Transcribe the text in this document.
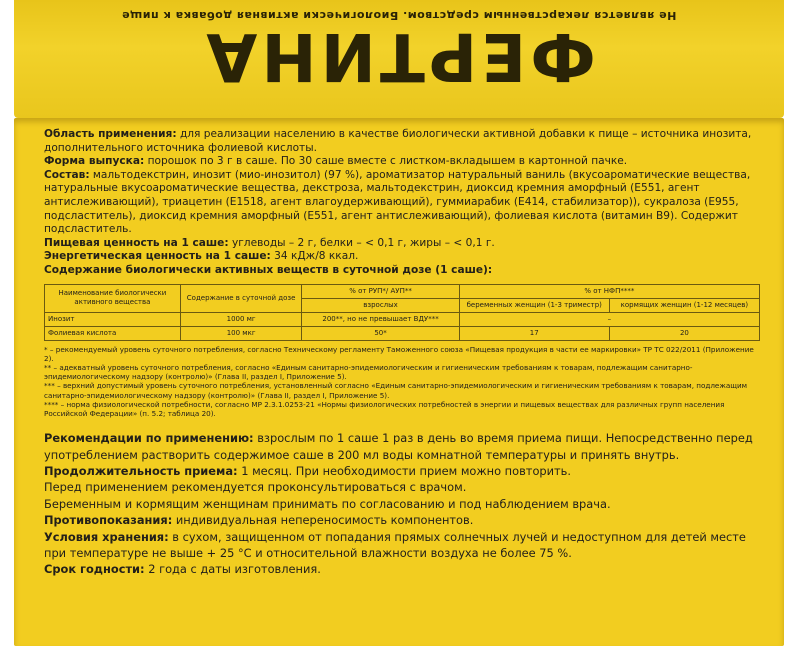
ФЕРТИНА
Не является лекарственным средством. Биологически активная добавка к пище

Область применения: для реализации населению в качестве биологически активной добавки к пище – источника инозита, дополнительного источника фолиевой кислоты.

Форма выпуска: порошок по 3 г в саше. По 30 саше вместе с листком-вкладышем в картонной пачке.

Состав: мальтодекстрин, инозит (мио-инозитол) (97 %), ароматизатор натуральный ваниль (вкусоароматические вещества, натуральные вкусоароматические вещества, декстроза, мальтодекстрин, диоксид кремния аморфный (Е551, агент антислеживающий), триацетин (Е1518, агент влагоудерживающий), гуммиарабик (Е414, стабилизатор)), сукралоза (Е955, подсластитель), диоксид кремния аморфный (Е551, агент антислеживающий), фолиевая кислота (витамин В9). Содержит подсластитель.

Пищевая ценность на 1 саше: углеводы – 2 г, белки – < 0,1 г, жиры – < 0,1 г.

Энергетическая ценность на 1 саше: 34 кДж/8 ккал.

Содержание биологически активных веществ в суточной дозе (1 саше):

Наименование биологически активного вещества	Содержание в суточной дозе	% от РУП*/ АУП**	% от НФП****	
		взрослых	беременных женщин (1-3 триместр)	кормящих женщин (1-12 месяцев)
Инозит	1000 мг	200**, но не превышает ВДУ***	–	
Фолиевая кислота	100 мкг	50*	17	20

* – рекомендуемый уровень суточного потребления, согласно Техническому регламенту Таможенного союза «Пищевая продукция в части ее маркировки» ТР ТС 022/2011 (Приложение 2).

** – адекватный уровень суточного потребления, согласно «Единым санитарно-эпидемиологическим и гигиеническим требованиям к товарам, подлежащим санитарно-эпидемиологическому надзору (контролю)» (Глава II, раздел I, Приложение 5).

*** – верхний допустимый уровень суточного потребления, установленный согласно «Единым санитарно-эпидемиологическим и гигиеническим требованиям к товарам, подлежащим санитарно-эпидемиологическому надзору (контролю)» (Глава II, раздел I, Приложение 5).

**** – норма физиологической потребности, согласно МР 2.3.1.0253-21 «Нормы физиологических потребностей в энергии и пищевых веществах для различных групп населения Российской Федерации» (п. 5.2; таблица 20).

Рекомендации по применению: взрослым по 1 саше 1 раз в день во время приема пищи. Непосредственно перед употреблением растворить содержимое саше в 200 мл воды комнатной температуры и принять внутрь.

Продолжительность приема: 1 месяц. При необходимости прием можно повторить.

Перед применением рекомендуется проконсультироваться с врачом.

Беременным и кормящим женщинам принимать по согласованию и под наблюдением врача.

Противопоказания: индивидуальная непереносимость компонентов.

Условия хранения: в сухом, защищенном от попадания прямых солнечных лучей и недоступном для детей месте при температуре не выше + 25 °С и относительной влажности воздуха не более 75 %.

Срок годности: 2 года с даты изготовления.
